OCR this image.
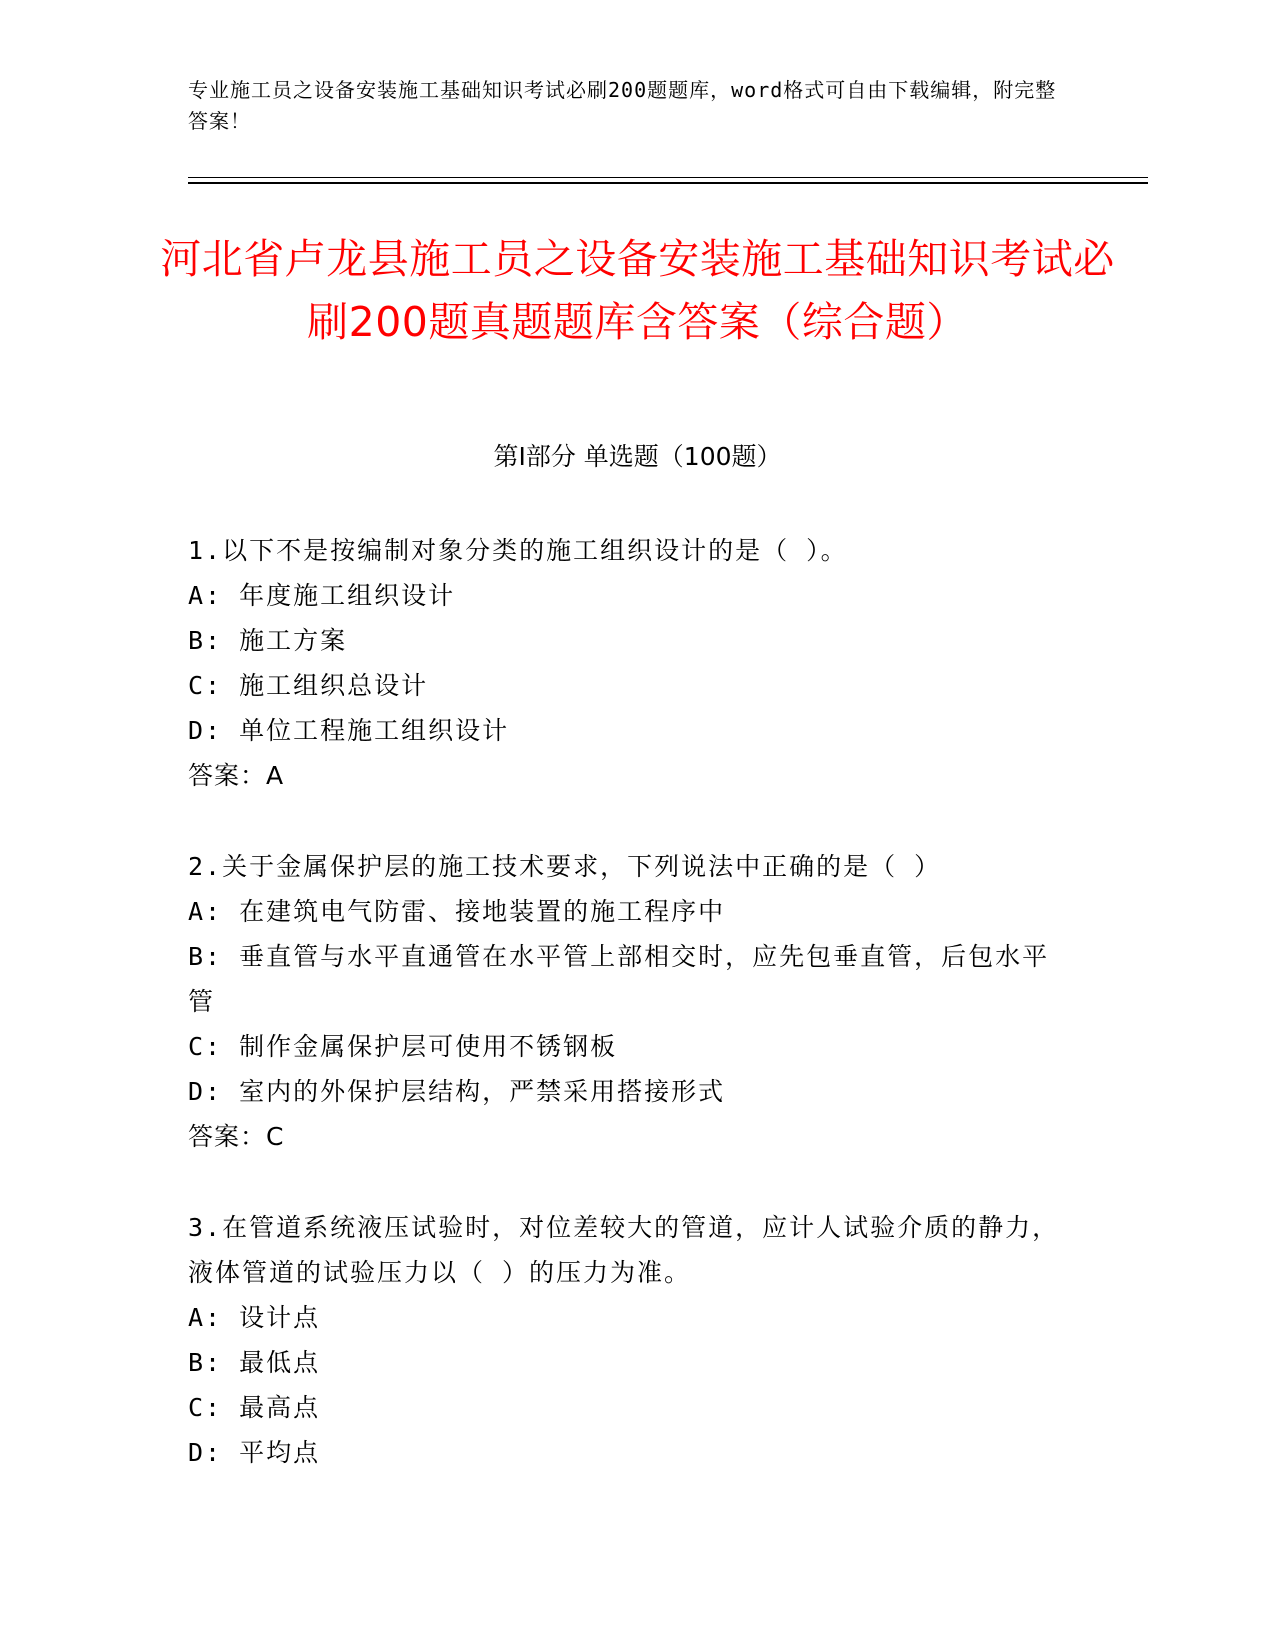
专业施工员之设备安装施工基础知识考试必刷200题题库，word格式可自由下载编辑，附完整答案！
河北省卢龙县施工员之设备安装施工基础知识考试必刷200题真题题库含答案（综合题）
第Ⅰ部分 单选题（100题）
1.以下不是按编制对象分类的施工组织设计的是（ ）。
A: 年度施工组织设计
B: 施工方案
C: 施工组织总设计
D: 单位工程施工组织设计
答案：A
2.关于金属保护层的施工技术要求，下列说法中正确的是（ ）
A: 在建筑电气防雷、接地装置的施工程序中
B: 垂直管与水平直通管在水平管上部相交时，应先包垂直管，后包水平管
C: 制作金属保护层可使用不锈钢板
D: 室内的外保护层结构，严禁采用搭接形式
答案：C
3.在管道系统液压试验时，对位差较大的管道，应计人试验介质的静力，液体管道的试验压力以（ ）的压力为准。
A: 设计点
B: 最低点
C: 最高点
D: 平均点
